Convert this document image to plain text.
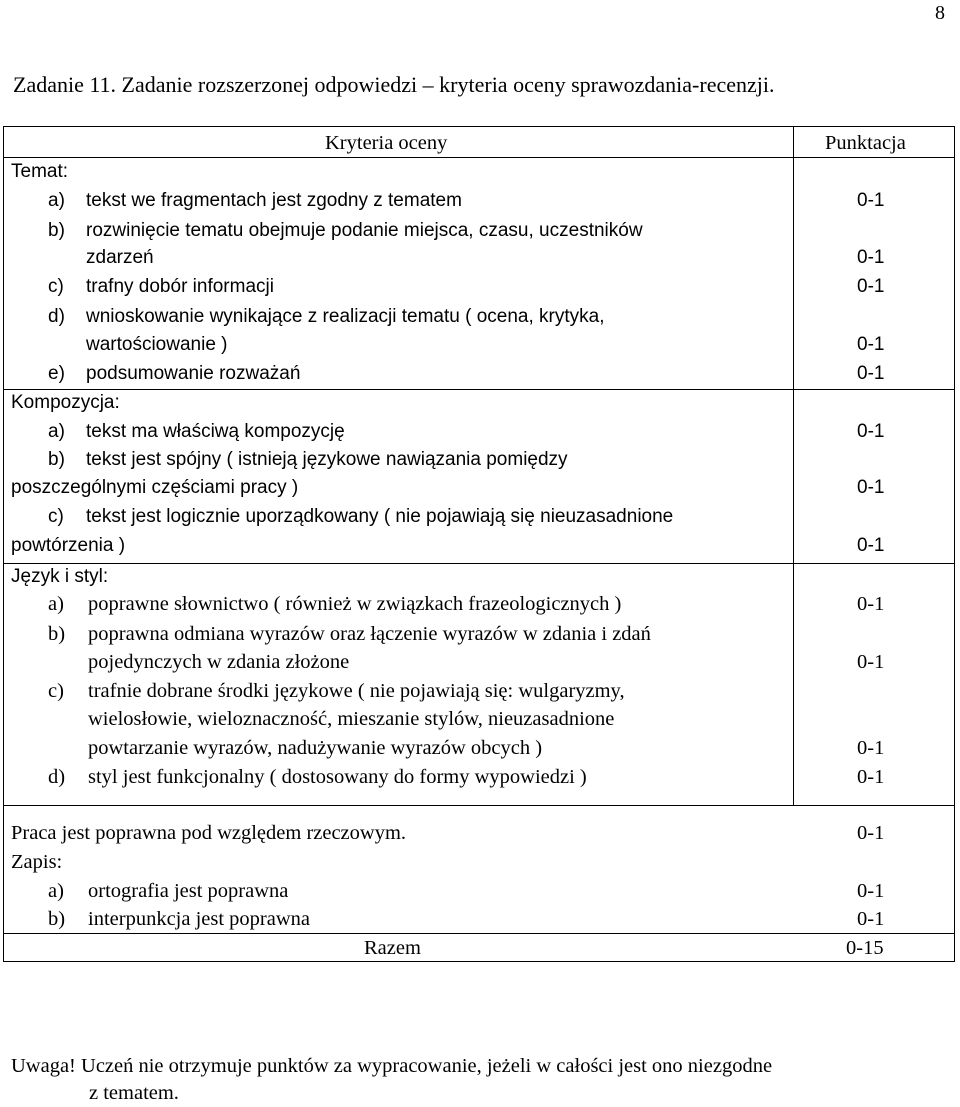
8
Zadanie 11. Zadanie rozszerzonej odpowiedzi – kryteria oceny sprawozdania-recenzji.
Kryteria oceny	Punktacja
Temat:
a) tekst we fragmentach jest zgodny z tematem	0-1
b) rozwinięcie tematu obejmuje podanie miejsca, czasu, uczestników
zdarzeń	0-1
c) trafny dobór informacji	0-1
d) wnioskowanie wynikające z realizacji tematu ( ocena, krytyka,
wartościowanie )	0-1
e) podsumowanie rozważań	0-1
Kompozycja:
a) tekst ma właściwą kompozycję	0-1
b) tekst jest spójny ( istnieją językowe nawiązania pomiędzy
poszczególnymi częściami pracy )	0-1
c) tekst jest logicznie uporządkowany ( nie pojawiają się nieuzasadnione
powtórzenia )	0-1
Język i styl:
a) poprawne słownictwo ( również w związkach frazeologicznych )	0-1
b) poprawna odmiana wyrazów oraz łączenie wyrazów w zdania i zdań
pojedynczych w zdania złożone	0-1
c) trafnie dobrane środki językowe ( nie pojawiają się: wulgaryzmy,
wielosłowie, wieloznaczność, mieszanie stylów, nieuzasadnione
powtarzanie wyrazów, nadużywanie wyrazów obcych )	0-1
d) styl jest funkcjonalny ( dostosowany do formy wypowiedzi )	0-1
Praca jest poprawna pod względem rzeczowym.	0-1
Zapis:
a) ortografia jest poprawna	0-1
b) interpunkcja jest poprawna	0-1
Razem	0-15
Uwaga! Uczeń nie otrzymuje punktów za wypracowanie, jeżeli w całości jest ono niezgodne
z tematem.
